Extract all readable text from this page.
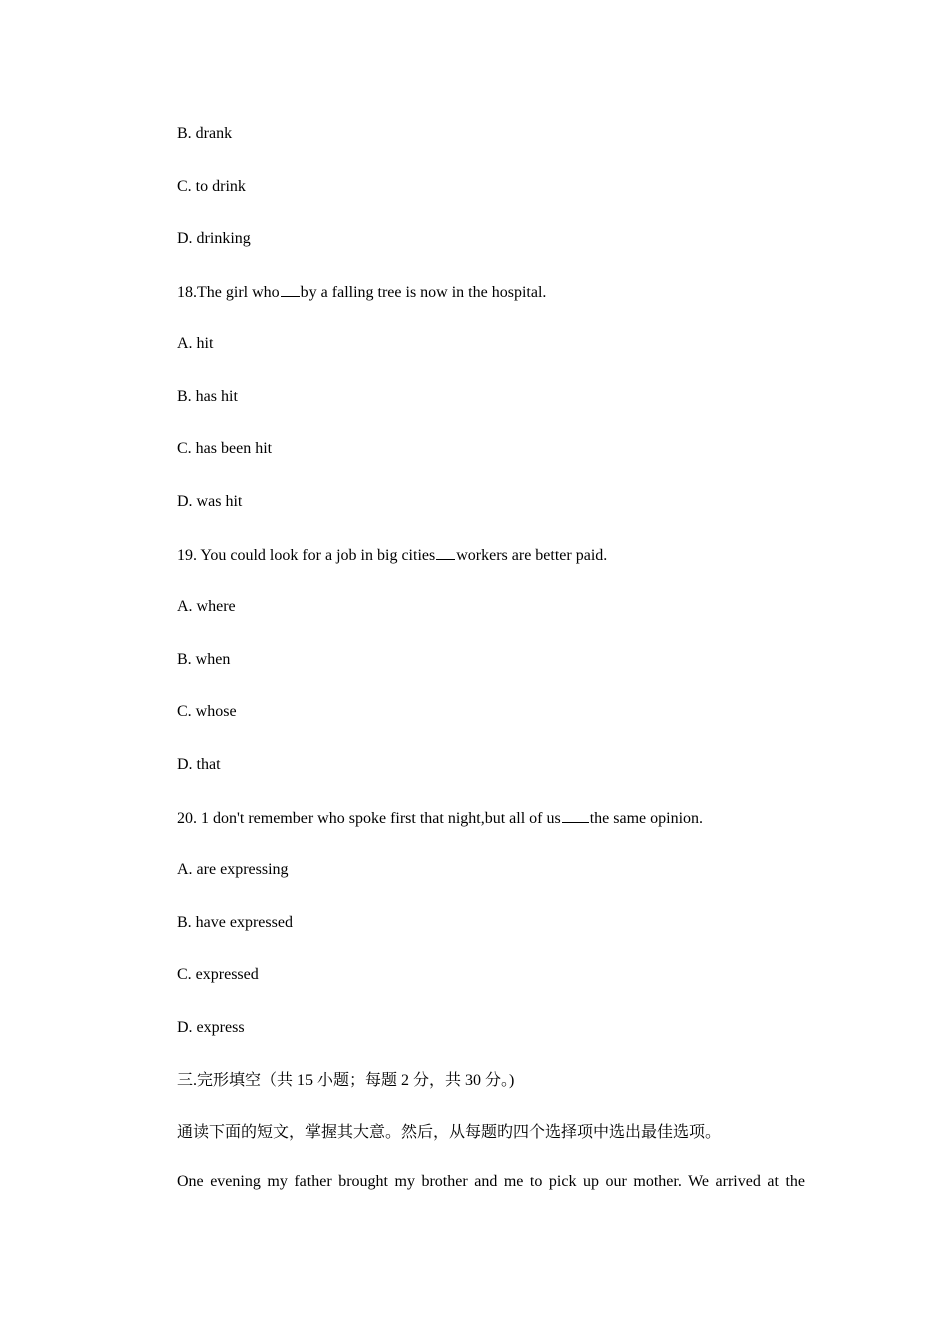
B. drank
C. to drink
D. drinking
18.The girl who by a falling tree is now in the hospital.
A. hit
B. has hit
C. has been hit
D. was hit
19. You could look for a job in big cities workers are better paid.
A. where
B. when
C. whose
D. that
20. 1 don't remember who spoke first that night,but all of us the same opinion.
A. are expressing
B. have expressed
C. expressed
D. express
三.完形填空（共 15 小题；每题 2 分，共 30 分。)
通读下面的短文，掌握其大意。然后，从每题旳四个选择项中选出最佳选项。
One evening my father brought my brother and me to pick up our mother. We arrived at the
